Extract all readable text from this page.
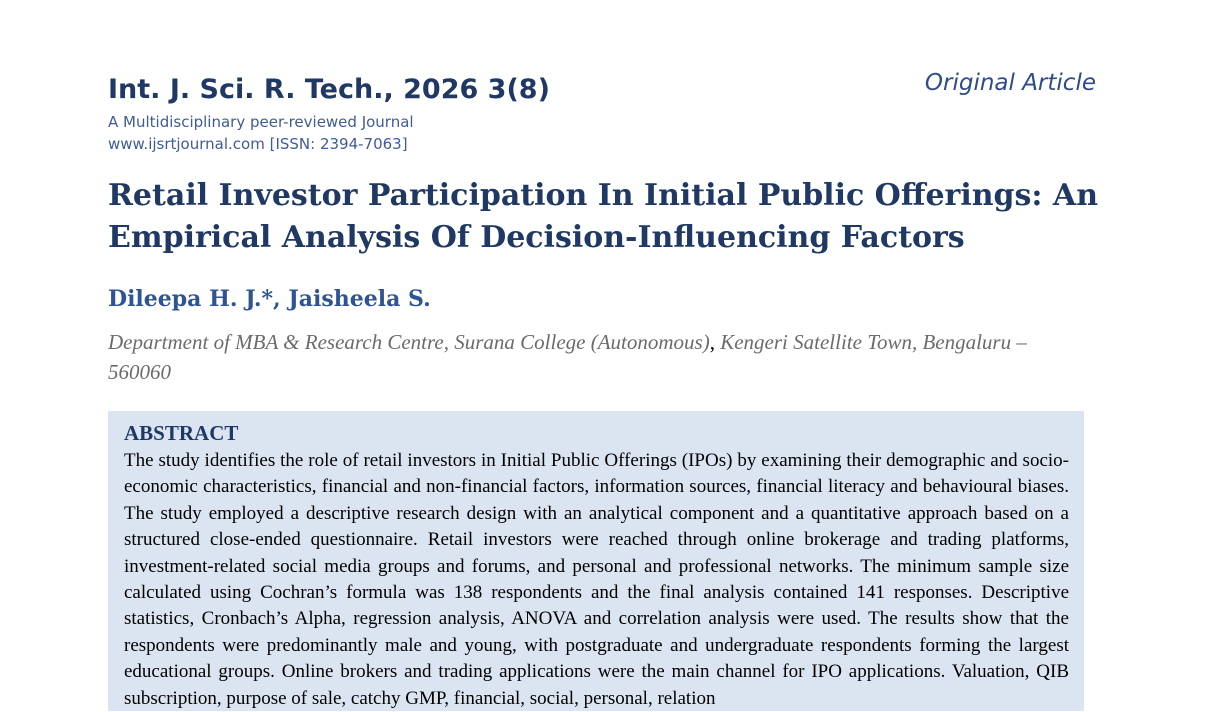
Int. J. Sci. R. Tech., 2026 3(8)
A Multidisciplinary peer-reviewed Journal
www.ijsrtjournal.com [ISSN: 2394-7063]
Original Article
Retail Investor Participation In Initial Public Offerings: An Empirical Analysis Of Decision-Influencing Factors
Dileepa H. J.*, Jaisheela S.
Department of MBA & Research Centre, Surana College (Autonomous), Kengeri Satellite Town, Bengaluru – 560060
ABSTRACT

The study identifies the role of retail investors in Initial Public Offerings (IPOs) by examining their demographic and socio-economic characteristics, financial and non-financial factors, information sources, financial literacy and behavioural biases. The study employed a descriptive research design with an analytical component and a quantitative approach based on a structured close-ended questionnaire. Retail investors were reached through online brokerage and trading platforms, investment-related social media groups and forums, and personal and professional networks. The minimum sample size calculated using Cochran’s formula was 138 respondents and the final analysis contained 141 responses. Descriptive statistics, Cronbach’s Alpha, regression analysis, ANOVA and correlation analysis were used. The results show that the respondents were predominantly male and young, with postgraduate and undergraduate respondents forming the largest educational groups. Online brokers and trading applications were the main channel for IPO applications. Valuation, QIB subscription, purpose of sale, catchy GMP, financial, social, personal, relation
